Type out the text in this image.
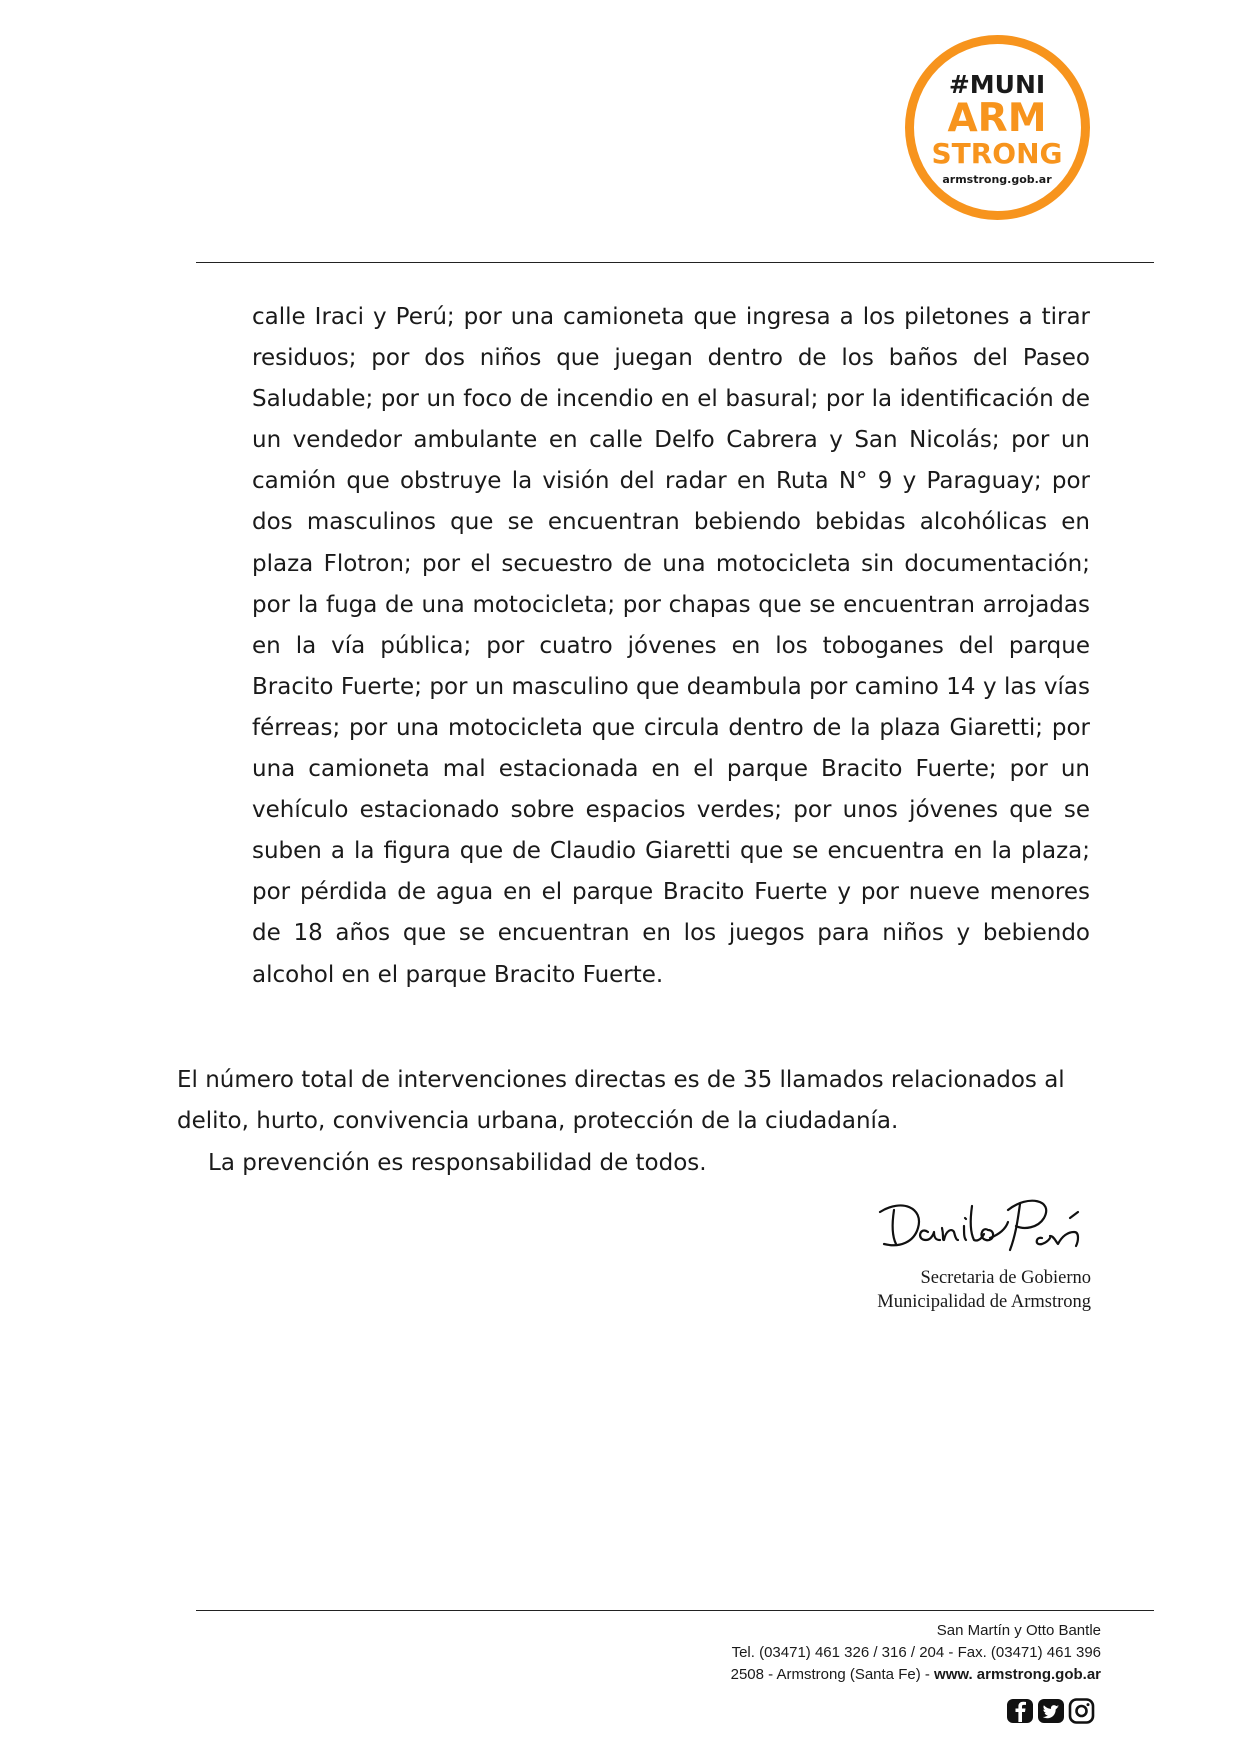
#MUNI
ARM
STRONG
armstrong.gob.ar
calle Iraci y Perú; por una camioneta que ingresa a los piletones a tirar residuos; por dos niños que juegan dentro de los baños del Paseo Saludable; por un foco de incendio en el basural; por la identificación de un vendedor ambulante en calle Delfo Cabrera y San Nicolás; por un camión que obstruye la visión del radar en Ruta N° 9 y Paraguay; por dos masculinos que se encuentran bebiendo bebidas alcohólicas en plaza Flotron; por el secuestro de una motocicleta sin documentación; por la fuga de una motocicleta; por chapas que se encuentran arrojadas en la vía pública; por cuatro jóvenes en los toboganes del parque Bracito Fuerte; por un masculino que deambula por camino 14 y las vías férreas; por una motocicleta que circula dentro de la plaza Giaretti; por una camioneta mal estacionada en el parque Bracito Fuerte; por un vehículo estacionado sobre espacios verdes; por unos jóvenes que se suben a la figura que de Claudio Giaretti que se encuentra en la plaza; por pérdida de agua en el parque Bracito Fuerte y por nueve menores de 18 años que se encuentran en los juegos para niños y bebiendo alcohol en el parque Bracito Fuerte.
El número total de intervenciones directas es de 35 llamados relacionados al delito, hurto, convivencia urbana, protección de la ciudadanía.
La prevención es responsabilidad de todos.
Secretaria de Gobierno
Municipalidad de Armstrong
San Martín y Otto Bantle
Tel. (03471) 461 326 / 316 / 204 - Fax. (03471) 461 396
2508 - Armstrong (Santa Fe) - www. armstrong.gob.ar
